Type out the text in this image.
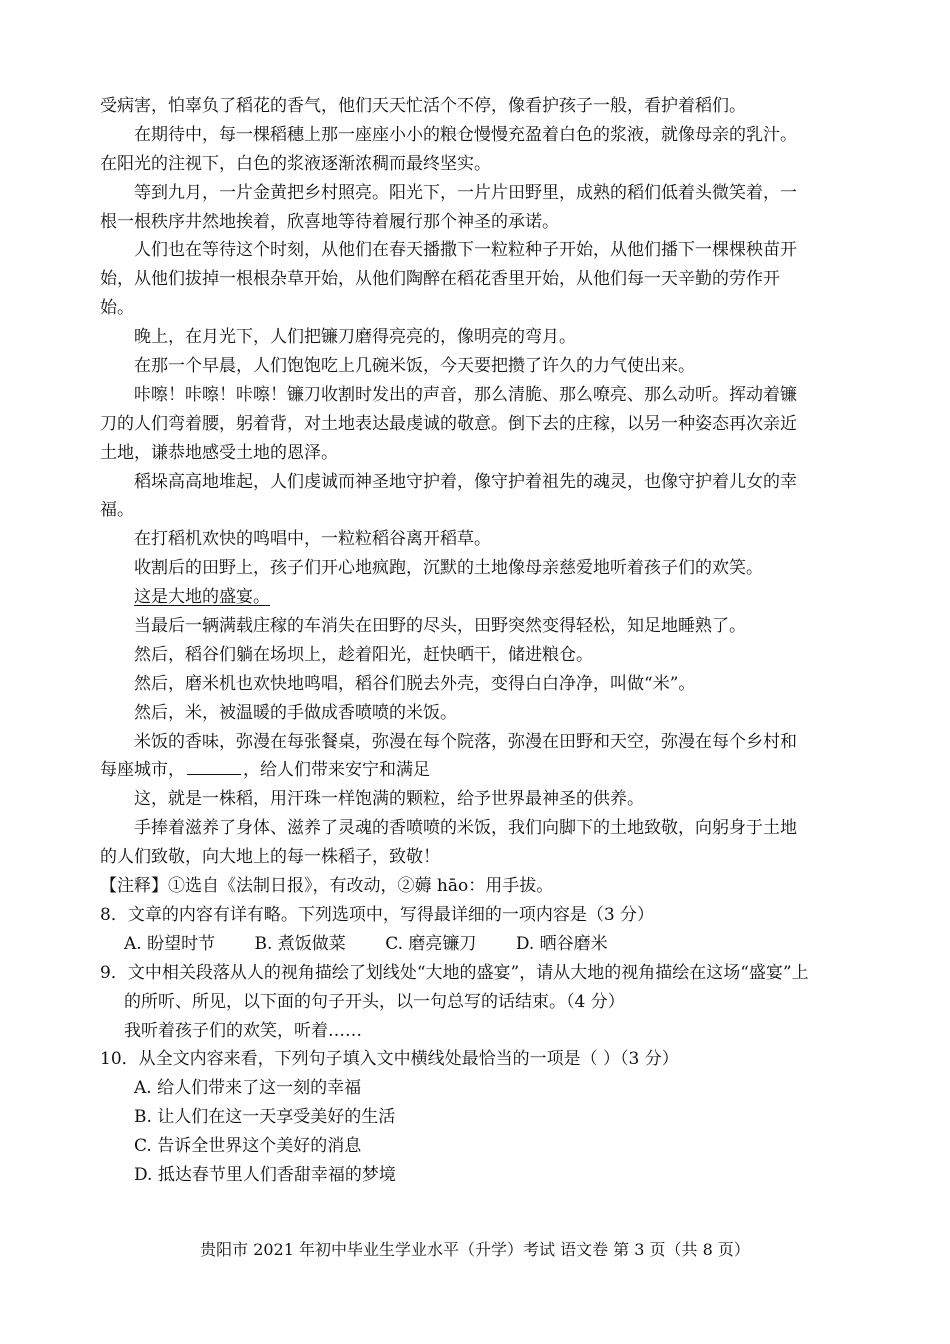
受病害，怕辜负了稻花的香气，他们天天忙活个不停，像看护孩子一般，看护着稻们。
在期待中，每一棵稻穗上那一座座小小的粮仓慢慢充盈着白色的浆液，就像母亲的乳汁。
在阳光的注视下，白色的浆液逐渐浓稠而最终坚实。
等到九月，一片金黄把乡村照亮。阳光下，一片片田野里，成熟的稻们低着头微笑着，一
根一根秩序井然地挨着，欣喜地等待着履行那个神圣的承诺。
人们也在等待这个时刻，从他们在春天播撒下一粒粒种子开始，从他们播下一棵棵秧苗开
始，从他们拔掉一根根杂草开始，从他们陶醉在稻花香里开始，从他们每一天辛勤的劳作开
始。
晚上，在月光下，人们把镰刀磨得亮亮的，像明亮的弯月。
在那一个早晨，人们饱饱吃上几碗米饭，今天要把攒了许久的力气使出来。
咔嚓！咔嚓！咔嚓！镰刀收割时发出的声音，那么清脆、那么嘹亮、那么动听。挥动着镰
刀的人们弯着腰，躬着背，对土地表达最虔诚的敬意。倒下去的庄稼，以另一种姿态再次亲近
土地，谦恭地感受土地的恩泽。
稻垛高高地堆起，人们虔诚而神圣地守护着，像守护着祖先的魂灵，也像守护着儿女的幸
福。
在打稻机欢快的鸣唱中，一粒粒稻谷离开稻草。
收割后的田野上，孩子们开心地疯跑，沉默的土地像母亲慈爱地听着孩子们的欢笑。
这是大地的盛宴。
当最后一辆满载庄稼的车消失在田野的尽头，田野突然变得轻松，知足地睡熟了。
然后，稻谷们躺在场坝上，趁着阳光，赶快晒干，储进粮仓。
然后，磨米机也欢快地鸣唱，稻谷们脱去外壳，变得白白净净，叫做“米”。
然后，米，被温暖的手做成香喷喷的米饭。
米饭的香味，弥漫在每张餐桌，弥漫在每个院落，弥漫在田野和天空，弥漫在每个乡村和
每座城市，	，给人们带来安宁和满足
这，就是一株稻，用汗珠一样饱满的颗粒，给予世界最神圣的供养。
手捧着滋养了身体、滋养了灵魂的香喷喷的米饭，我们向脚下的土地致敬，向躬身于土地
的人们致敬，向大地上的每一株稻子，致敬！
【注释】①选自《法制日报》，有改动，②薅 hāo：用手拔。
8．文章的内容有详有略。下列选项中，写得最详细的一项内容是（3 分）
A. 盼望时节 B. 煮饭做菜 C. 磨亮镰刀 D. 晒谷磨米
9．文中相关段落从人的视角描绘了划线处“大地的盛宴”，请从大地的视角描绘在这场“盛宴”上
的所听、所见，以下面的句子开头，以一句总写的话结束。（4 分）
我听着孩子们的欢笑，听着……
10．从全文内容来看，下列句子填入文中横线处最恰当的一项是（ ）（3 分）
A. 给人们带来了这一刻的幸福
B. 让人们在这一天享受美好的生活
C. 告诉全世界这个美好的消息
D. 抵达春节里人们香甜幸福的梦境
贵阳市 2021 年初中毕业生学业水平（升学）考试 语文卷 第 3 页（共 8 页）
